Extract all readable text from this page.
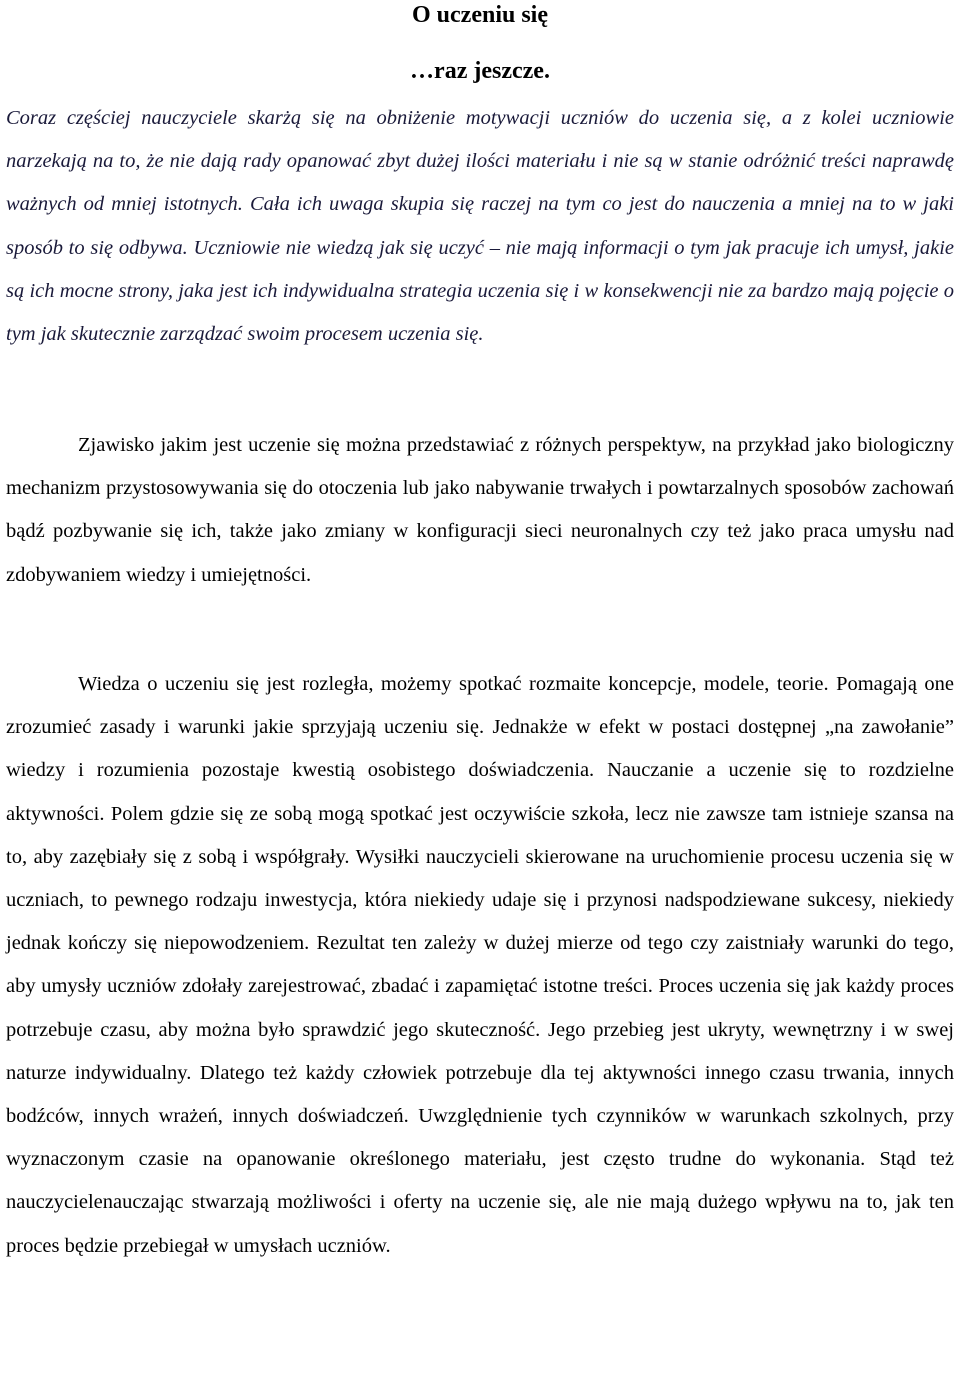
O uczeniu się
…raz jeszcze.

Coraz częściej nauczyciele skarżą się na obniżenie motywacji uczniów do uczenia się, a z kolei uczniowie narzekają na to, że nie dają rady opanować zbyt dużej ilości materiału i nie są w stanie odróżnić treści naprawdę ważnych od mniej istotnych. Cała ich uwaga skupia się raczej na tym co jest do nauczenia a mniej na to w jaki sposób to się odbywa. Uczniowie nie wiedzą jak się uczyć – nie mają informacji o tym jak pracuje ich umysł, jakie są ich mocne strony, jaka jest ich indywidualna strategia uczenia się i w konsekwencji nie za bardzo mają pojęcie o tym jak skutecznie zarządzać swoim procesem uczenia się.

Zjawisko jakim jest uczenie się można przedstawiać z różnych perspektyw, na przykład jako biologiczny mechanizm przystosowywania się do otoczenia lub jako nabywanie trwałych i powtarzalnych sposobów zachowań bądź pozbywanie się ich, także jako zmiany w konfiguracji sieci neuronalnych czy też jako praca umysłu nad zdobywaniem wiedzy i umiejętności.

Wiedza o uczeniu się jest rozległa, możemy spotkać rozmaite koncepcje, modele, teorie. Pomagają one zrozumieć zasady i warunki jakie sprzyjają uczeniu się. Jednakże w efekt w postaci dostępnej „na zawołanie” wiedzy i rozumienia pozostaje kwestią osobistego doświadczenia. Nauczanie a uczenie się to rozdzielne aktywności. Polem gdzie się ze sobą mogą spotkać jest oczywiście szkoła, lecz nie zawsze tam istnieje szansa na to, aby zazębiały się z sobą i współgrały. Wysiłki nauczycieli skierowane na uruchomienie procesu uczenia się w uczniach, to pewnego rodzaju inwestycja, która niekiedy udaje się i przynosi nadspodziewane sukcesy, niekiedy jednak kończy się niepowodzeniem. Rezultat ten zależy w dużej mierze od tego czy zaistniały warunki do tego, aby umysły uczniów zdołały zarejestrować, zbadać i zapamiętać istotne treści. Proces uczenia się jak każdy proces potrzebuje czasu, aby można było sprawdzić jego skuteczność. Jego przebieg jest ukryty, wewnętrzny i w swej naturze indywidualny. Dlatego też każdy człowiek potrzebuje dla tej aktywności innego czasu trwania, innych bodźców, innych wrażeń, innych doświadczeń. Uwzględnienie tych czynników w warunkach szkolnych, przy wyznaczonym czasie na opanowanie określonego materiału, jest często trudne do wykonania. Stąd też nauczycielenauczając stwarzają możliwości i oferty na uczenie się, ale nie mają dużego wpływu na to, jak ten proces będzie przebiegał w umysłach uczniów.
